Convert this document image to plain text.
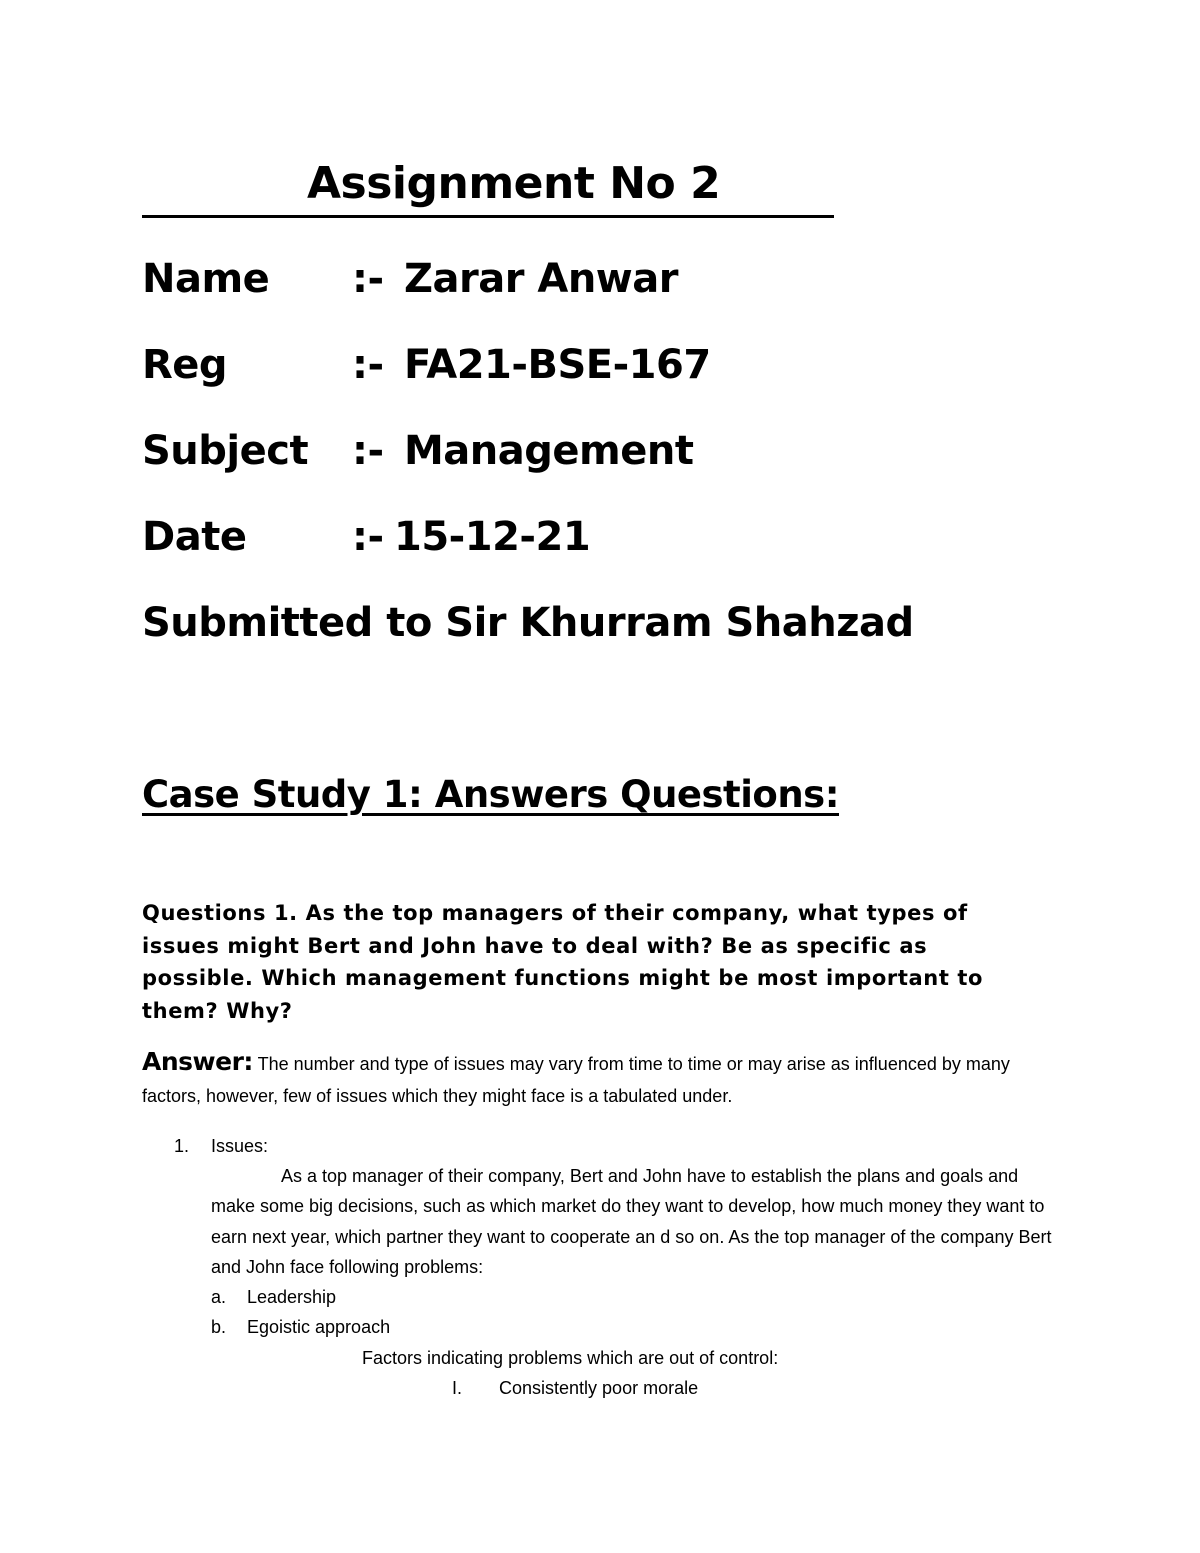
Assignment No 2
Name :- Zarar Anwar
Reg	:- FA21-BSE-167
Subject :- Management
Date	:- 15-12-21
Submitted to Sir Khurram Shahzad
Case Study 1: Answers Questions:
Questions 1. As the top managers of their company, what types of issues might Bert and John have to deal with? Be as specific as possible. Which management functions might be most important to them? Why?
Answer: The number and type of issues may vary from time to time or may arise as influenced by many factors, however, few of issues which they might face is a tabulated under.
1. Issues:
As a top manager of their company, Bert and John have to establish the plans and goals and make some big decisions, such as which market do they want to develop, how much money they want to earn next year, which partner they want to cooperate an d so on. As the top manager of the company Bert and John face following problems:
a. Leadership
b. Egoistic approach
Factors indicating problems which are out of control:
I. Consistently poor morale
